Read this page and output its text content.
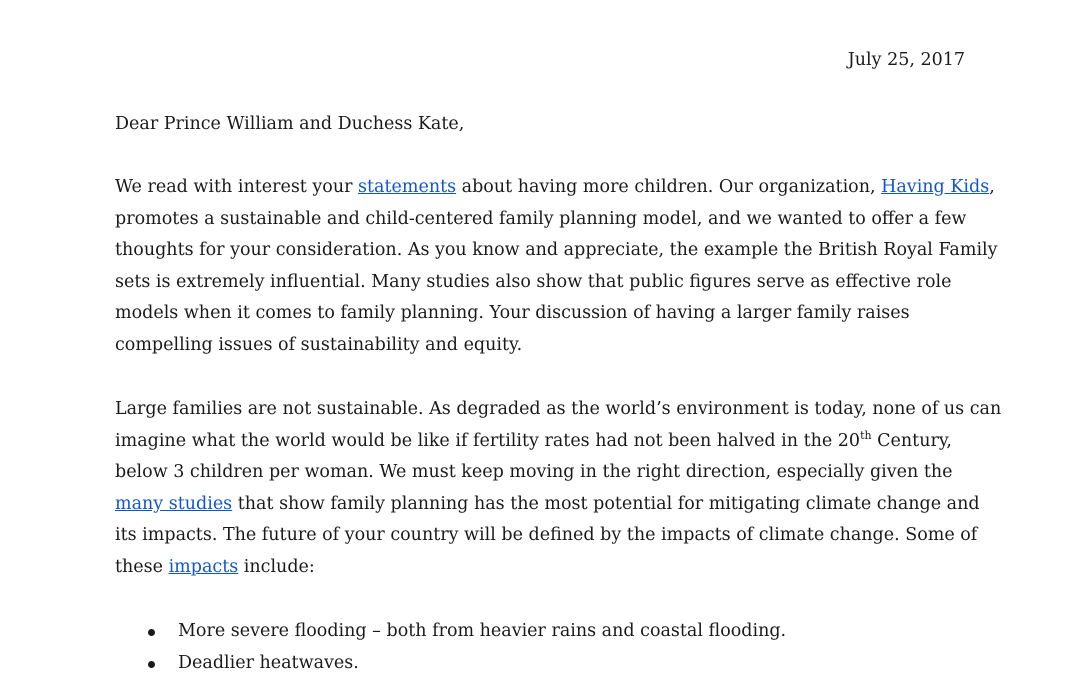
July 25, 2017
Dear Prince William and Duchess Kate,
We read with interest your statements about having more children. Our organization, Having Kids,
promotes a sustainable and child-centered family planning model, and we wanted to offer a few
thoughts for your consideration. As you know and appreciate, the example the British Royal Family
sets is extremely influential. Many studies also show that public figures serve as effective role
models when it comes to family planning. Your discussion of having a larger family raises
compelling issues of sustainability and equity.
Large families are not sustainable. As degraded as the world’s environment is today, none of us can
imagine what the world would be like if fertility rates had not been halved in the 20th Century,
below 3 children per woman. We must keep moving in the right direction, especially given the
many studies that show family planning has the most potential for mitigating climate change and
its impacts. The future of your country will be defined by the impacts of climate change. Some of
these impacts include:
More severe flooding – both from heavier rains and coastal flooding.
Deadlier heatwaves.
